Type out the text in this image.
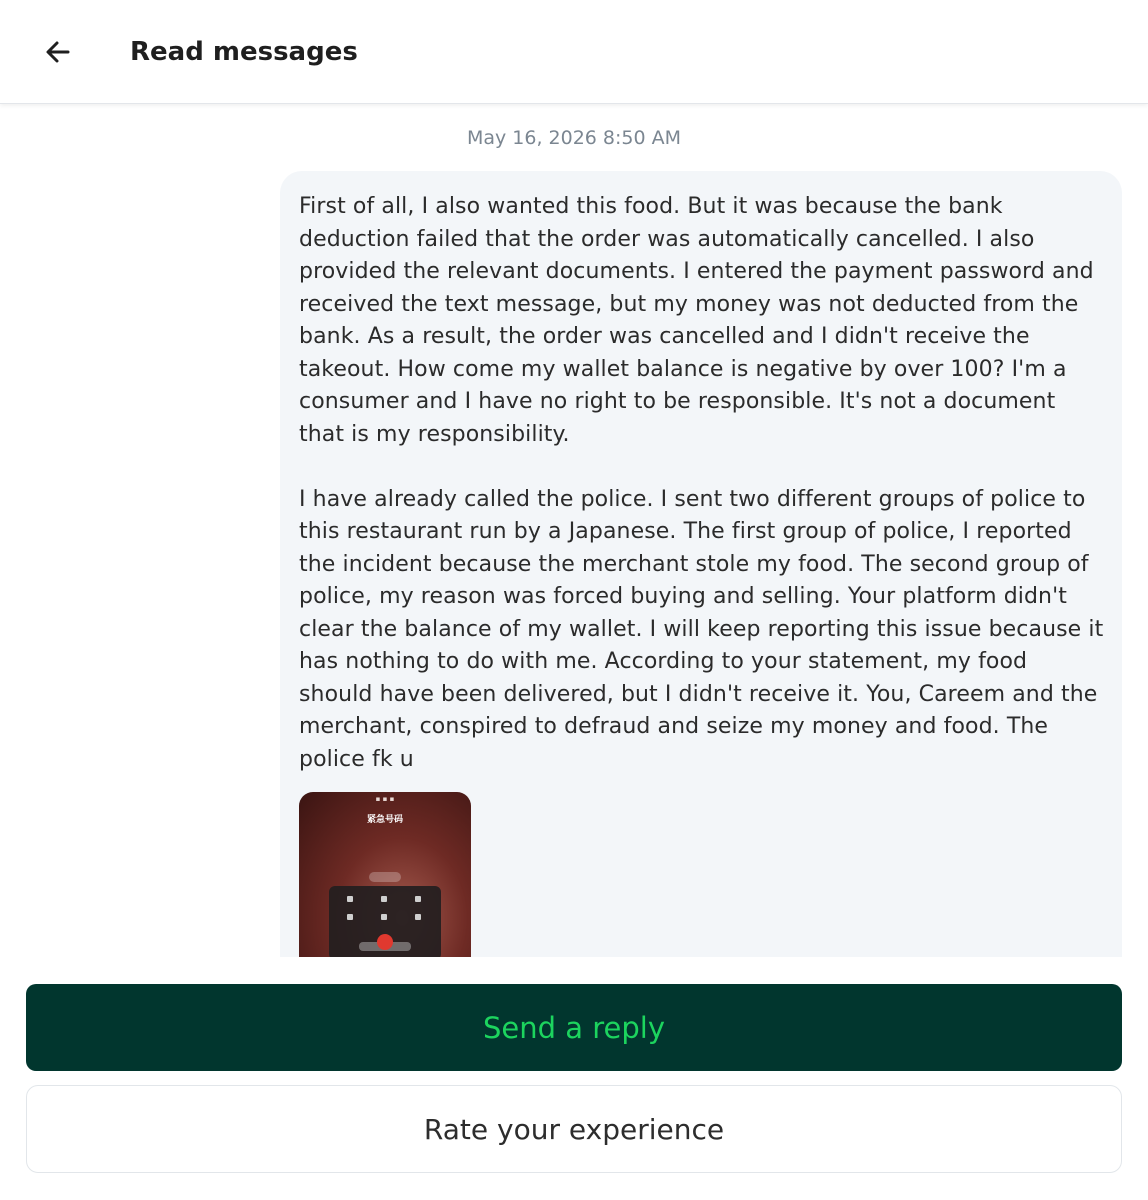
Read messages
May 16, 2026 8:50 AM
First of all, I also wanted this food. But it was because the bank deduction failed that the order was automatically cancelled. I also provided the relevant documents. I entered the payment password and received the text message, but my money was not deducted from the bank. As a result, the order was cancelled and I didn't receive the takeout. How come my wallet balance is negative by over 100? I'm a consumer and I have no right to be responsible. It's not a document that is my responsibility.

I have already called the police. I sent two different groups of police to this restaurant run by a Japanese. The first group of police, I reported the incident because the merchant stole my food. The second group of police, my reason was forced buying and selling. Your platform didn't clear the balance of my wallet. I will keep reporting this issue because it has nothing to do with me. According to your statement, my food should have been delivered, but I didn't receive it. You, Careem and the merchant, conspired to defraud and seize my money and food. The police fk u
▪ ▪ ▪
紧急号码
Send a reply
Rate your experience
